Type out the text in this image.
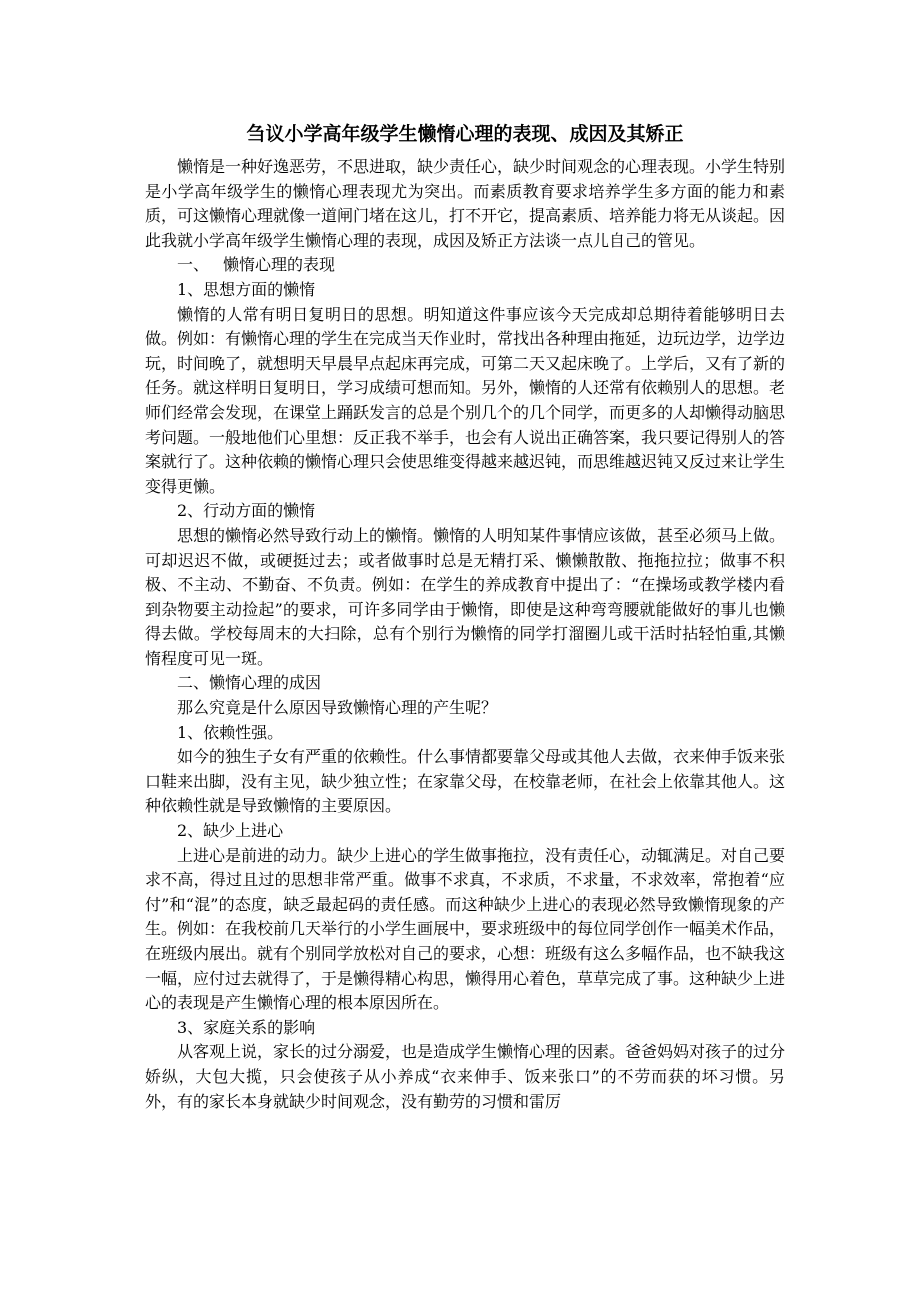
刍议小学高年级学生懒惰心理的表现、成因及其矫正

懒惰是一种好逸恶劳，不思进取，缺少责任心，缺少时间观念的心理表现。小学生特别是小学高年级学生的懒惰心理表现尤为突出。而素质教育要求培养学生多方面的能力和素质，可这懒惰心理就像一道闸门堵在这儿，打不开它，提高素质、培养能力将无从谈起。因此我就小学高年级学生懒惰心理的表现，成因及矫正方法谈一点儿自己的管见。

一、 懒惰心理的表现

1、思想方面的懒惰

懒惰的人常有明日复明日的思想。明知道这件事应该今天完成却总期待着能够明日去做。例如：有懒惰心理的学生在完成当天作业时，常找出各种理由拖延，边玩边学，边学边玩，时间晚了，就想明天早晨早点起床再完成，可第二天又起床晚了。上学后，又有了新的任务。就这样明日复明日，学习成绩可想而知。另外，懒惰的人还常有依赖别人的思想。老师们经常会发现，在课堂上踊跃发言的总是个别几个的几个同学，而更多的人却懒得动脑思考问题。一般地他们心里想：反正我不举手，也会有人说出正确答案，我只要记得别人的答案就行了。这种依赖的懒惰心理只会使思维变得越来越迟钝，而思维越迟钝又反过来让学生变得更懒。

2、行动方面的懒惰

思想的懒惰必然导致行动上的懒惰。懒惰的人明知某件事情应该做，甚至必须马上做。可却迟迟不做，或硬挺过去；或者做事时总是无精打采、懒懒散散、拖拖拉拉；做事不积极、不主动、不勤奋、不负责。例如：在学生的养成教育中提出了：“在操场或教学楼内看到杂物要主动捡起”的要求，可许多同学由于懒惰，即使是这种弯弯腰就能做好的事儿也懒得去做。学校每周末的大扫除，总有个别行为懒惰的同学打溜圈儿或干活时拈轻怕重,其懒惰程度可见一斑。

二、懒惰心理的成因

那么究竟是什么原因导致懒惰心理的产生呢？

1、依赖性强。

如今的独生子女有严重的依赖性。什么事情都要靠父母或其他人去做，衣来伸手饭来张口鞋来出脚，没有主见，缺少独立性；在家靠父母，在校靠老师，在社会上依靠其他人。这种依赖性就是导致懒惰的主要原因。

2、缺少上进心

上进心是前进的动力。缺少上进心的学生做事拖拉，没有责任心，动辄满足。对自己要求不高，得过且过的思想非常严重。做事不求真，不求质，不求量，不求效率，常抱着“应付”和“混”的态度，缺乏最起码的责任感。而这种缺少上进心的表现必然导致懒惰现象的产生。例如：在我校前几天举行的小学生画展中，要求班级中的每位同学创作一幅美术作品，在班级内展出。就有个别同学放松对自己的要求，心想：班级有这么多幅作品，也不缺我这一幅，应付过去就得了，于是懒得精心构思，懒得用心着色，草草完成了事。这种缺少上进心的表现是产生懒惰心理的根本原因所在。

3、家庭关系的影响

从客观上说，家长的过分溺爱，也是造成学生懒惰心理的因素。爸爸妈妈对孩子的过分娇纵，大包大揽，只会使孩子从小养成“衣来伸手、饭来张口”的不劳而获的坏习惯。另外，有的家长本身就缺少时间观念，没有勤劳的习惯和雷厉
